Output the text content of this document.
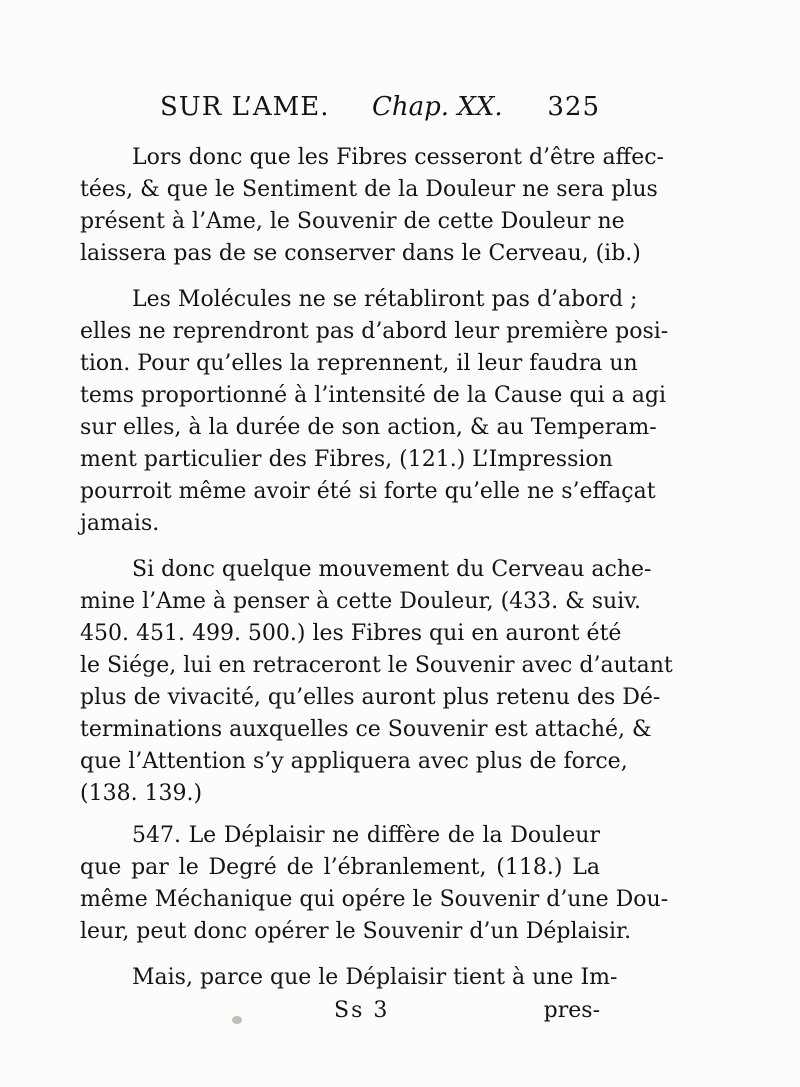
SUR L’AME. Chap. XX. 325
Lors donc que les Fibres cesseront d’être affec-
tées, & que le Sentiment de la Douleur ne sera plus
présent à l’Ame, le Souvenir de cette Douleur ne
laissera pas de se conserver dans le Cerveau, (ib.)
Les Molécules ne se rétabliront pas d’abord ;
elles ne reprendront pas d’abord leur première posi-
tion. Pour qu’elles la reprennent, il leur faudra un
tems proportionné à l’intensité de la Cause qui a agi
sur elles, à la durée de son action, & au Temperam-
ment particulier des Fibres, (121.) L’Impression
pourroit même avoir été si forte qu’elle ne s’effaçat
jamais.
Si donc quelque mouvement du Cerveau ache-
mine l’Ame à penser à cette Douleur, (433. & suiv.
450. 451. 499. 500.) les Fibres qui en auront été
le Siége, lui en retraceront le Souvenir avec d’autant
plus de vivacité, qu’elles auront plus retenu des Dé-
terminations auxquelles ce Souvenir est attaché, &
que l’Attention s’y appliquera avec plus de force,
(138. 139.)
547. Le Déplaisir ne diffère de la Douleur
que par le Degré de l’ébranlement, (118.) La
même Méchanique qui opére le Souvenir d’une Dou-
leur, peut donc opérer le Souvenir d’un Déplaisir.
Mais, parce que le Déplaisir tient à une Im-
Ss 3	pres-
